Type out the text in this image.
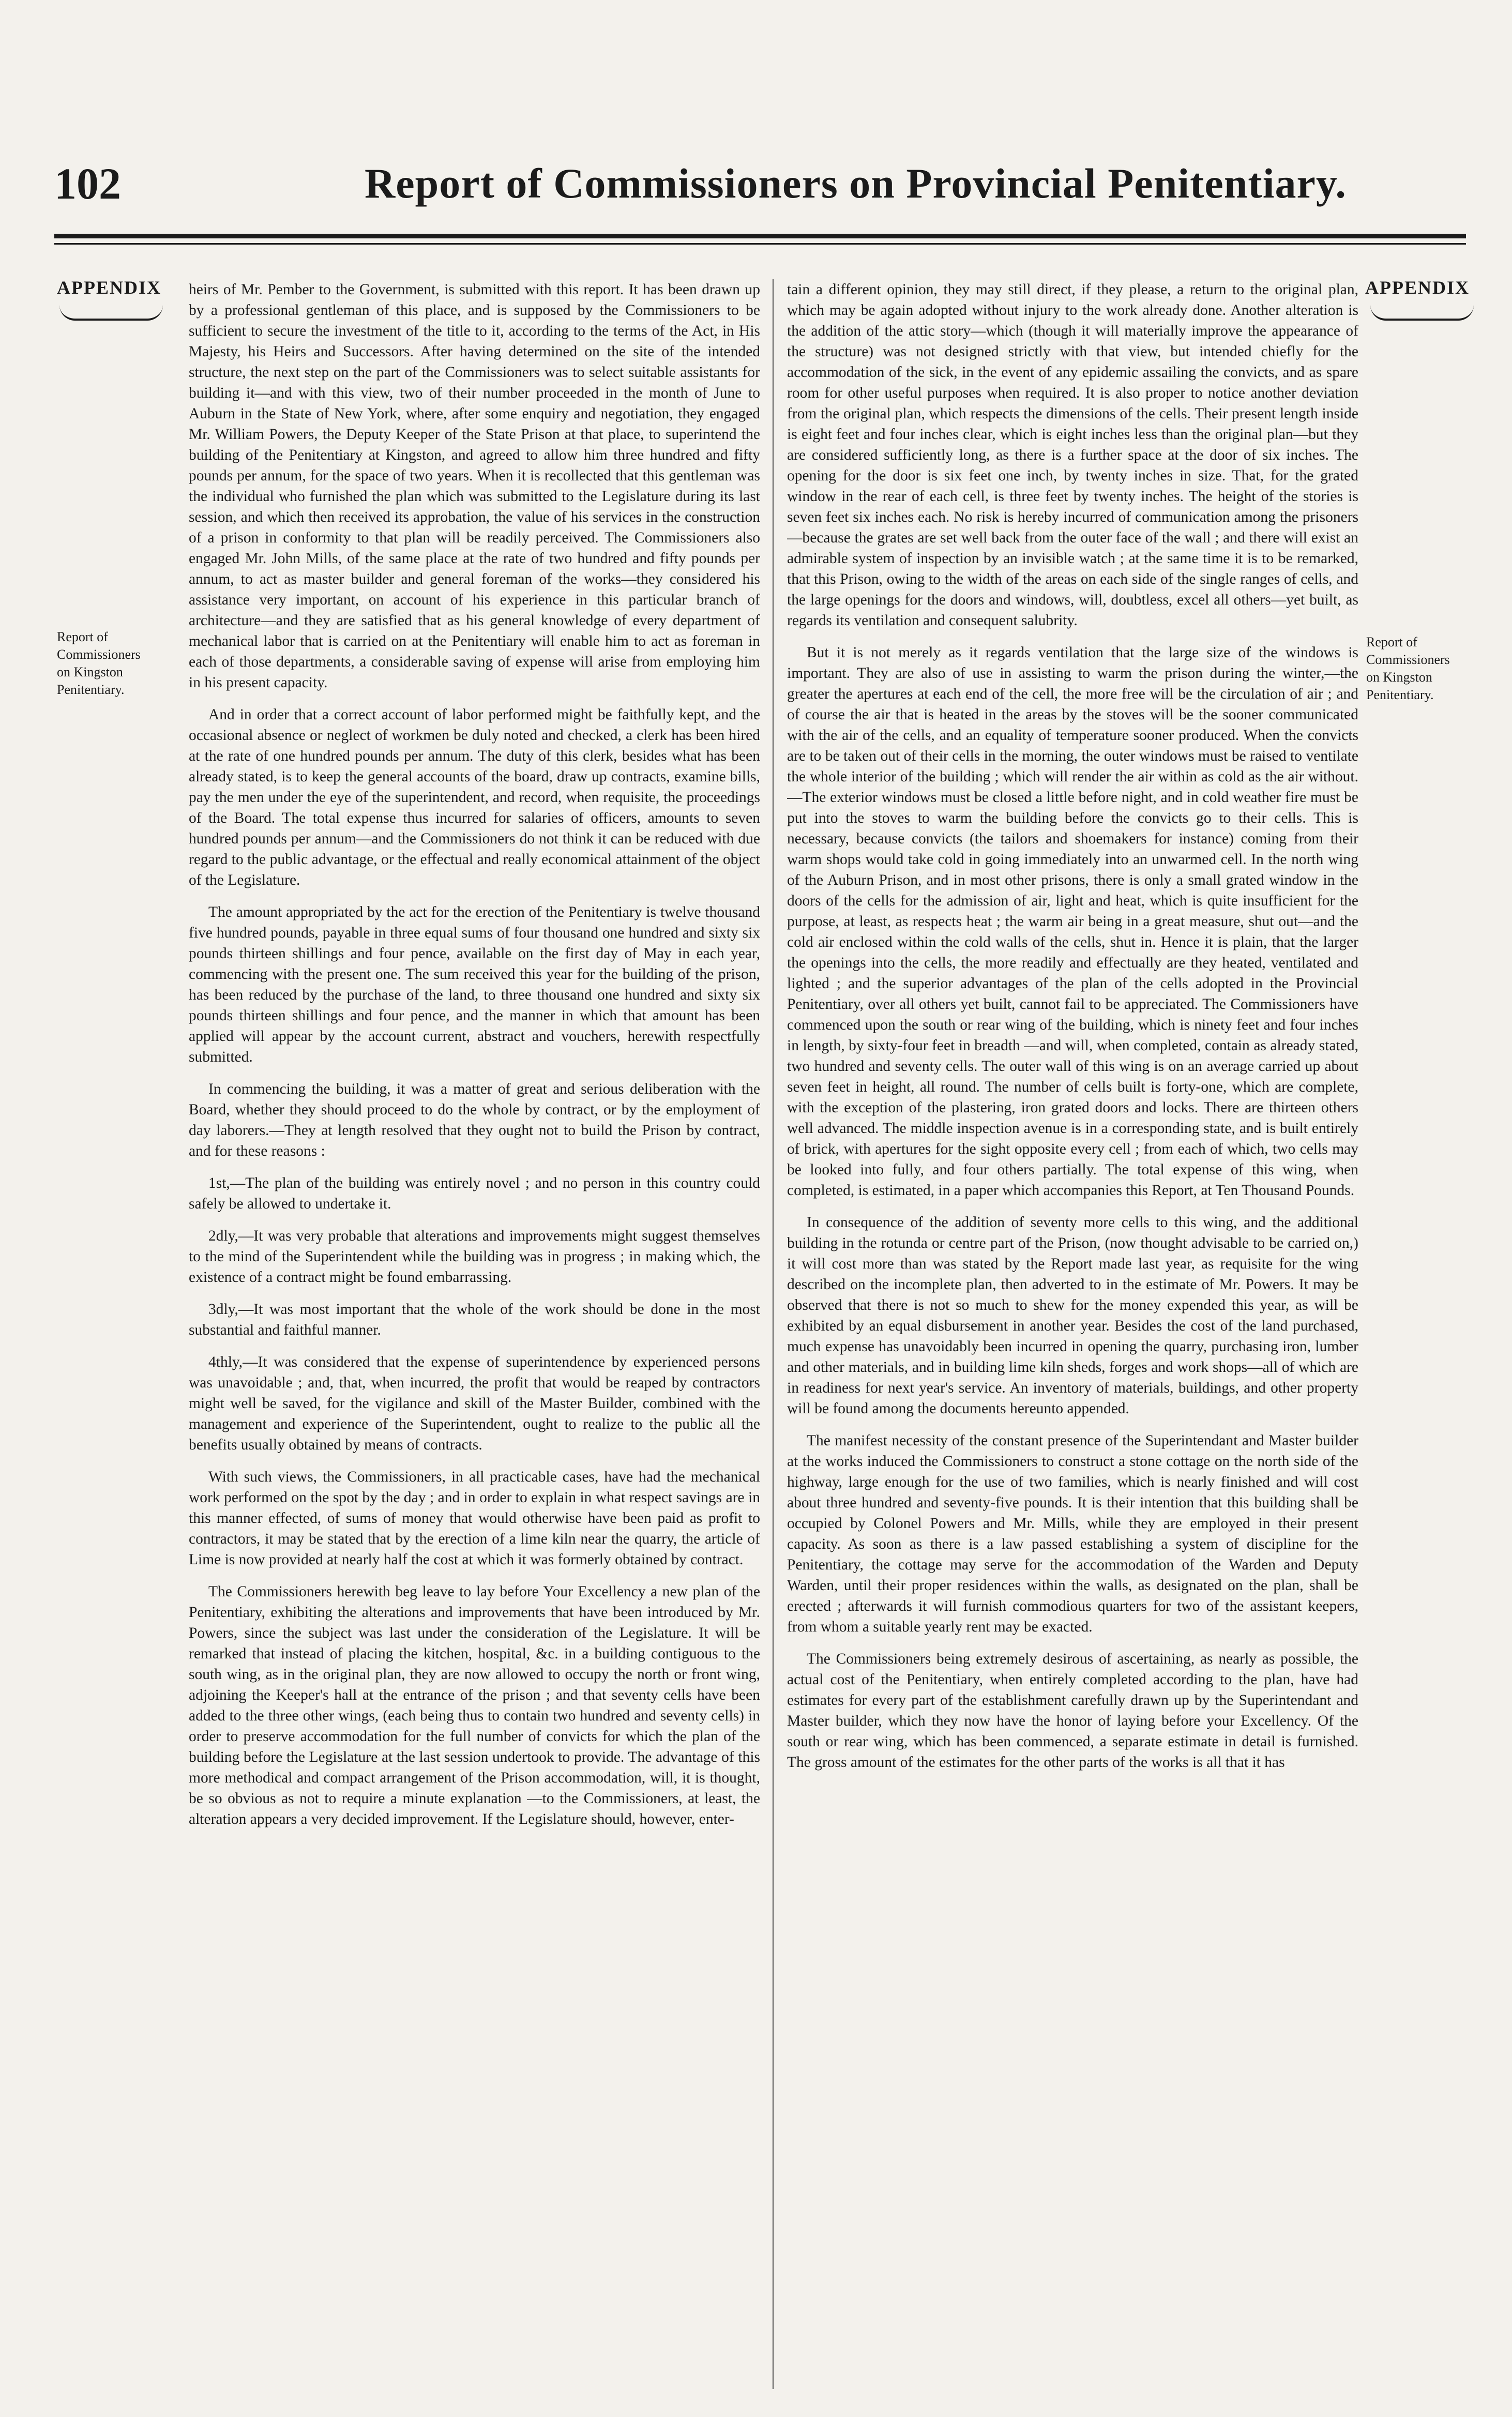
102	Report of Commissioners on Provincial Penitentiary.
APPENDIX	APPENDIX
Report of Commissioners on Kingston Penitentiary.
Report of Commissioners on Kingston Penitentiary.

heirs of Mr. Pember to the Government, is submitted with this report. It has been drawn up by a professional gentleman of this place, and is supposed by the Commissioners to be sufficient to secure the investment of the title to it, according to the terms of the Act, in His Majesty, his Heirs and Successors. After having determined on the site of the intended structure, the next step on the part of the Commissioners was to select suitable assistants for building it—and with this view, two of their number proceeded in the month of June to Auburn in the State of New York, where, after some enquiry and negotiation, they engaged Mr. William Powers, the Deputy Keeper of the State Prison at that place, to superintend the building of the Penitentiary at Kingston, and agreed to allow him three hundred and fifty pounds per annum, for the space of two years. When it is recollected that this gentleman was the individual who furnished the plan which was submitted to the Legislature during its last session, and which then received its approbation, the value of his services in the construction of a prison in conformity to that plan will be readily perceived. The Commissioners also engaged Mr. John Mills, of the same place at the rate of two hundred and fifty pounds per annum, to act as master builder and general foreman of the works—they considered his assistance very important, on account of his experience in this particular branch of architecture—and they are satisfied that as his general knowledge of every department of mechanical labor that is carried on at the Penitentiary will enable him to act as foreman in each of those departments, a considerable saving of expense will arise from employing him in his present capacity.

And in order that a correct account of labor performed might be faithfully kept, and the occasional absence or neglect of workmen be duly noted and checked, a clerk has been hired at the rate of one hundred pounds per annum. The duty of this clerk, besides what has been already stated, is to keep the general accounts of the board, draw up contracts, examine bills, pay the men under the eye of the superintendent, and record, when requisite, the proceedings of the Board. The total expense thus incurred for salaries of officers, amounts to seven hundred pounds per annum—and the Commissioners do not think it can be reduced with due regard to the public advantage, or the effectual and really economical attainment of the object of the Legislature.

The amount appropriated by the act for the erection of the Penitentiary is twelve thousand five hundred pounds, payable in three equal sums of four thousand one hundred and sixty six pounds thirteen shillings and four pence, available on the first day of May in each year, commencing with the present one. The sum received this year for the building of the prison, has been reduced by the purchase of the land, to three thousand one hundred and sixty six pounds thirteen shillings and four pence, and the manner in which that amount has been applied will appear by the account current, abstract and vouchers, herewith respectfully submitted.

In commencing the building, it was a matter of great and serious deliberation with the Board, whether they should proceed to do the whole by contract, or by the employment of day laborers.—They at length resolved that they ought not to build the Prison by contract, and for these reasons :

1st,—The plan of the building was entirely novel ; and no person in this country could safely be allowed to undertake it.

2dly,—It was very probable that alterations and improvements might suggest themselves to the mind of the Superintendent while the building was in progress ; in making which, the existence of a contract might be found embarrassing.

3dly,—It was most important that the whole of the work should be done in the most substantial and faithful manner.

4thly,—It was considered that the expense of superintendence by experienced persons was unavoidable ; and, that, when incurred, the profit that would be reaped by contractors might well be saved, for the vigilance and skill of the Master Builder, combined with the management and experience of the Superintendent, ought to realize to the public all the benefits usually obtained by means of contracts.

With such views, the Commissioners, in all practicable cases, have had the mechanical work performed on the spot by the day ; and in order to explain in what respect savings are in this manner effected, of sums of money that would otherwise have been paid as profit to contractors, it may be stated that by the erection of a lime kiln near the quarry, the article of Lime is now provided at nearly half the cost at which it was formerly obtained by contract.

The Commissioners herewith beg leave to lay before Your Excellency a new plan of the Penitentiary, exhibiting the alterations and improvements that have been introduced by Mr. Powers, since the subject was last under the consideration of the Legislature. It will be remarked that instead of placing the kitchen, hospital, &c. in a building contiguous to the south wing, as in the original plan, they are now allowed to occupy the north or front wing, adjoining the Keeper's hall at the entrance of the prison ; and that seventy cells have been added to the three other wings, (each being thus to contain two hundred and seventy cells) in order to preserve accommodation for the full number of convicts for which the plan of the building before the Legislature at the last session undertook to provide. The advantage of this more methodical and compact arrangement of the Prison accommodation, will, it is thought, be so obvious as not to require a minute explanation —to the Commissioners, at least, the alteration appears a very decided improvement. If the Legislature should, however, enter-

tain a different opinion, they may still direct, if they please, a return to the original plan, which may be again adopted without injury to the work already done. Another alteration is the addition of the attic story—which (though it will materially improve the appearance of the structure) was not designed strictly with that view, but intended chiefly for the accommodation of the sick, in the event of any epidemic assailing the convicts, and as spare room for other useful purposes when required. It is also proper to notice another deviation from the original plan, which respects the dimensions of the cells. Their present length inside is eight feet and four inches clear, which is eight inches less than the original plan—but they are considered sufficiently long, as there is a further space at the door of six inches. The opening for the door is six feet one inch, by twenty inches in size. That, for the grated window in the rear of each cell, is three feet by twenty inches. The height of the stories is seven feet six inches each. No risk is hereby incurred of communication among the prisoners—because the grates are set well back from the outer face of the wall ; and there will exist an admirable system of inspection by an invisible watch ; at the same time it is to be remarked, that this Prison, owing to the width of the areas on each side of the single ranges of cells, and the large openings for the doors and windows, will, doubtless, excel all others—yet built, as regards its ventilation and consequent salubrity.

But it is not merely as it regards ventilation that the large size of the windows is important. They are also of use in assisting to warm the prison during the winter,—the greater the apertures at each end of the cell, the more free will be the circulation of air ; and of course the air that is heated in the areas by the stoves will be the sooner communicated with the air of the cells, and an equality of temperature sooner produced. When the convicts are to be taken out of their cells in the morning, the outer windows must be raised to ventilate the whole interior of the building ; which will render the air within as cold as the air without.—The exterior windows must be closed a little before night, and in cold weather fire must be put into the stoves to warm the building before the convicts go to their cells. This is necessary, because convicts (the tailors and shoemakers for instance) coming from their warm shops would take cold in going immediately into an unwarmed cell. In the north wing of the Auburn Prison, and in most other prisons, there is only a small grated window in the doors of the cells for the admission of air, light and heat, which is quite insufficient for the purpose, at least, as respects heat ; the warm air being in a great measure, shut out—and the cold air enclosed within the cold walls of the cells, shut in. Hence it is plain, that the larger the openings into the cells, the more readily and effectually are they heated, ventilated and lighted ; and the superior advantages of the plan of the cells adopted in the Provincial Penitentiary, over all others yet built, cannot fail to be appreciated. The Commissioners have commenced upon the south or rear wing of the building, which is ninety feet and four inches in length, by sixty-four feet in breadth —and will, when completed, contain as already stated, two hundred and seventy cells. The outer wall of this wing is on an average carried up about seven feet in height, all round. The number of cells built is forty-one, which are complete, with the exception of the plastering, iron grated doors and locks. There are thirteen others well advanced. The middle inspection avenue is in a corresponding state, and is built entirely of brick, with apertures for the sight opposite every cell ; from each of which, two cells may be looked into fully, and four others partially. The total expense of this wing, when completed, is estimated, in a paper which accompanies this Report, at Ten Thousand Pounds.

In consequence of the addition of seventy more cells to this wing, and the additional building in the rotunda or centre part of the Prison, (now thought advisable to be carried on,) it will cost more than was stated by the Report made last year, as requisite for the wing described on the incomplete plan, then adverted to in the estimate of Mr. Powers. It may be observed that there is not so much to shew for the money expended this year, as will be exhibited by an equal disbursement in another year. Besides the cost of the land purchased, much expense has unavoidably been incurred in opening the quarry, purchasing iron, lumber and other materials, and in building lime kiln sheds, forges and work shops—all of which are in readiness for next year's service. An inventory of materials, buildings, and other property will be found among the documents hereunto appended.

The manifest necessity of the constant presence of the Superintendant and Master builder at the works induced the Commissioners to construct a stone cottage on the north side of the highway, large enough for the use of two families, which is nearly finished and will cost about three hundred and seventy-five pounds. It is their intention that this building shall be occupied by Colonel Powers and Mr. Mills, while they are employed in their present capacity. As soon as there is a law passed establishing a system of discipline for the Penitentiary, the cottage may serve for the accommodation of the Warden and Deputy Warden, until their proper residences within the walls, as designated on the plan, shall be erected ; afterwards it will furnish commodious quarters for two of the assistant keepers, from whom a suitable yearly rent may be exacted.

The Commissioners being extremely desirous of ascertaining, as nearly as possible, the actual cost of the Penitentiary, when entirely completed according to the plan, have had estimates for every part of the establishment carefully drawn up by the Superintendant and Master builder, which they now have the honor of laying before your Excellency. Of the south or rear wing, which has been commenced, a separate estimate in detail is furnished. The gross amount of the estimates for the other parts of the works is all that it has
